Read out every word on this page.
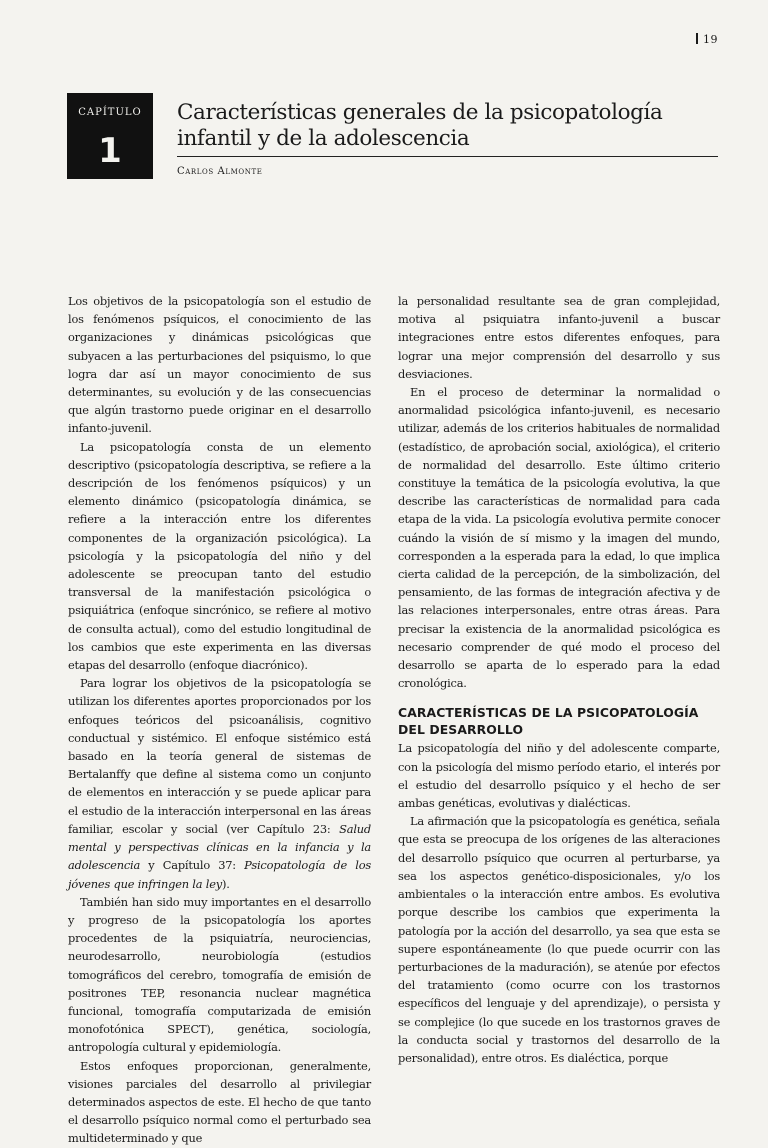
19
CAPÍTULO
1
Características generales de la psicopatología infantil y de la adolescencia
Carlos Almonte

Los objetivos de la psicopatología son el estudio de los fenómenos psíquicos, el conocimiento de las organizaciones y dinámicas psicológicas que subyacen a las perturbaciones del psiquismo, lo que logra dar así un mayor conocimiento de sus determinantes, su evolución y de las consecuencias que algún trastorno puede originar en el desarrollo infanto-juvenil.

La psicopatología consta de un elemento descriptivo (psicopatología descriptiva, se refiere a la descripción de los fenómenos psíquicos) y un elemento dinámico (psicopatología dinámica, se refiere a la interacción entre los diferentes componentes de la organización psicológica). La psicología y la psicopatología del niño y del adolescente se preocupan tanto del estudio transversal de la manifestación psicológica o psiquiátrica (enfoque sincrónico, se refiere al motivo de consulta actual), como del estudio longitudinal de los cambios que este experimenta en las diversas etapas del desarrollo (enfoque diacrónico).

Para lograr los objetivos de la psicopatología se utilizan los diferentes aportes proporcionados por los enfoques teóricos del psicoanálisis, cognitivo conductual y sistémico. El enfoque sistémico está basado en la teoría general de sistemas de Bertalanffy que define al sistema como un conjunto de elementos en interacción y se puede aplicar para el estudio de la interacción interpersonal en las áreas familiar, escolar y social (ver Capítulo 23: Salud mental y perspectivas clínicas en la infancia y la adolescencia y Capítulo 37: Psicopatología de los jóvenes que infringen la ley).

También han sido muy importantes en el desarrollo y progreso de la psicopatología los aportes procedentes de la psiquiatría, neurociencias, neurodesarrollo, neurobiología (estudios tomográficos del cerebro, tomografía de emisión de positrones TEP, resonancia nuclear magnética funcional, tomografía computarizada de emisión monofotónica SPECT), genética, sociología, antropología cultural y epidemiología.

Estos enfoques proporcionan, generalmente, visiones parciales del desarrollo al privilegiar determinados aspectos de este. El hecho de que tanto el desarrollo psíquico normal como el perturbado sea multideterminado y que

la personalidad resultante sea de gran complejidad, motiva al psiquiatra infanto-juvenil a buscar integraciones entre estos diferentes enfoques, para lograr una mejor comprensión del desarrollo y sus desviaciones.

En el proceso de determinar la normalidad o anormalidad psicológica infanto-juvenil, es necesario utilizar, además de los criterios habituales de normalidad (estadístico, de aprobación social, axiológica), el criterio de normalidad del desarrollo. Este último criterio constituye la temática de la psicología evolutiva, la que describe las características de normalidad para cada etapa de la vida. La psicología evolutiva permite conocer cuándo la visión de sí mismo y la imagen del mundo, corresponden a la esperada para la edad, lo que implica cierta calidad de la percepción, de la simbolización, del pensamiento, de las formas de integración afectiva y de las relaciones interpersonales, entre otras áreas. Para precisar la existencia de la anormalidad psicológica es necesario comprender de qué modo el proceso del desarrollo se aparta de lo esperado para la edad cronológica.

CARACTERÍSTICAS DE LA PSICOPATOLOGÍA DEL DESARROLLO

La psicopatología del niño y del adolescente comparte, con la psicología del mismo período etario, el interés por el estudio del desarrollo psíquico y el hecho de ser ambas genéticas, evolutivas y dialécticas.

La afirmación que la psicopatología es genética, señala que esta se preocupa de los orígenes de las alteraciones del desarrollo psíquico que ocurren al perturbarse, ya sea los aspectos genético-disposicionales, y/o los ambientales o la interacción entre ambos. Es evolutiva porque describe los cambios que experimenta la patología por la acción del desarrollo, ya sea que esta se supere espontáneamente (lo que puede ocurrir con las perturbaciones de la maduración), se atenúe por efectos del tratamiento (como ocurre con los trastornos específicos del lenguaje y del aprendizaje), o persista y se complejice (lo que sucede en los trastornos graves de la conducta social y trastornos del desarrollo de la personalidad), entre otros. Es dialéctica, porque
